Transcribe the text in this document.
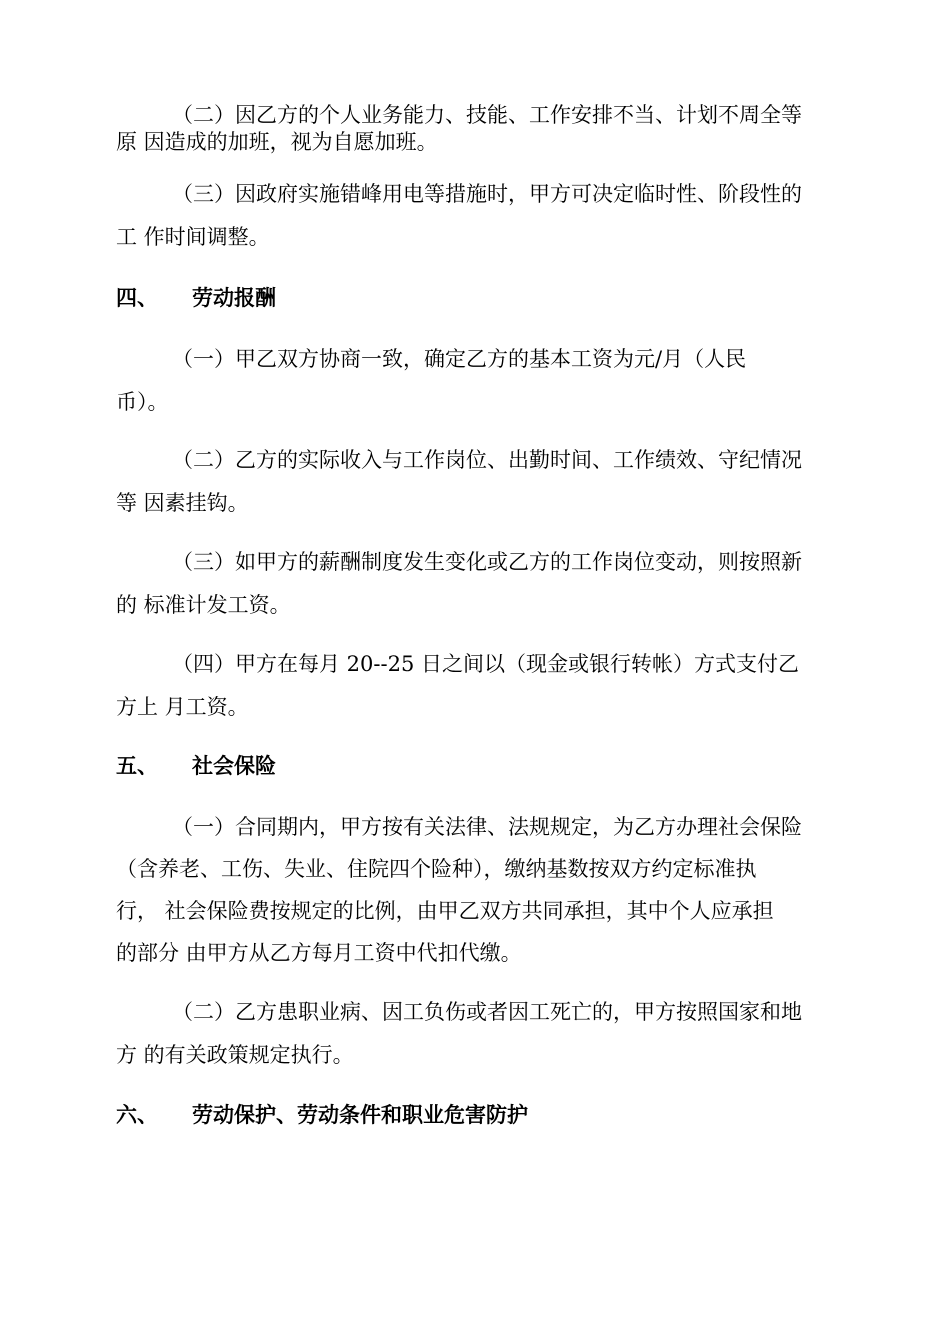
（二）因乙方的个人业务能力、技能、工作安排不当、计划不周全等
原 因造成的加班，视为自愿加班。
（三）因政府实施错峰用电等措施时，甲方可决定临时性、阶段性的
工 作时间调整。
四、 劳动报酬
（一）甲乙双方协商一致，确定乙方的基本工资为元/月（人民
币）。
（二）乙方的实际收入与工作岗位、出勤时间、工作绩效、守纪情况
等 因素挂钩。
（三）如甲方的薪酬制度发生变化或乙方的工作岗位变动，则按照新
的 标准计发工资。
（四）甲方在每月 20--25 日之间以（现金或银行转帐）方式支付乙
方上 月工资。
五、 社会保险
（一）合同期内，甲方按有关法律、法规规定，为乙方办理社会保险
（含养老、工伤、失业、住院四个险种），缴纳基数按双方约定标准执
行， 社会保险费按规定的比例，由甲乙双方共同承担，其中个人应承担
的部分 由甲方从乙方每月工资中代扣代缴。
（二）乙方患职业病、因工负伤或者因工死亡的，甲方按照国家和地
方 的有关政策规定执行。
六、 劳动保护、劳动条件和职业危害防护
